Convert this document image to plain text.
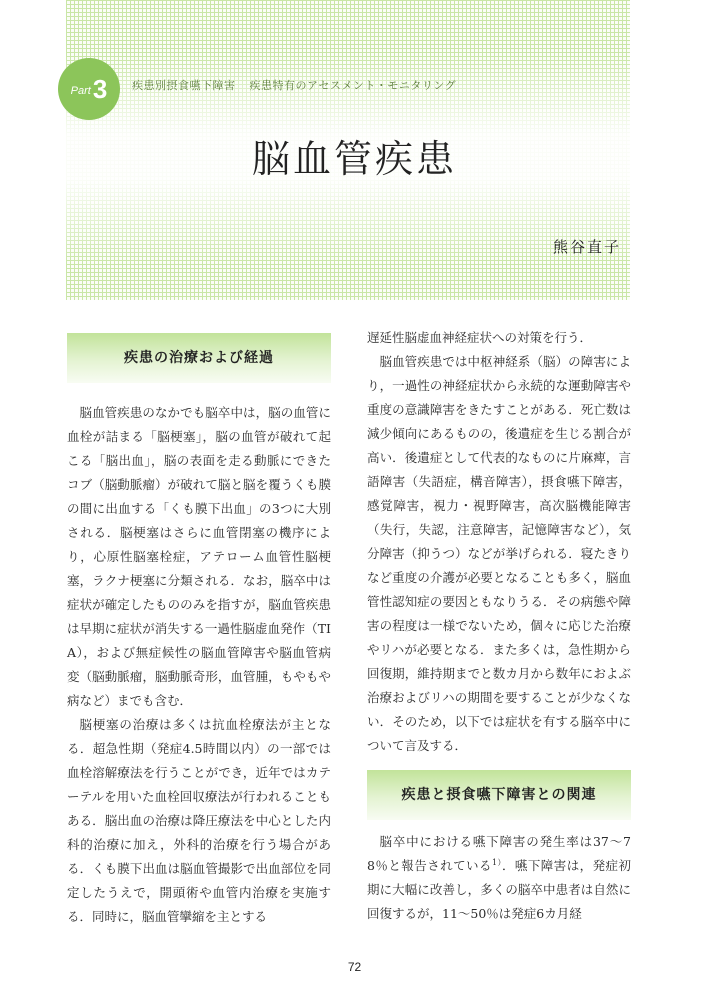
Part 3 疾患別摂食嚥下障害 疾患特有のアセスメント・モニタリング
脳血管疾患
熊谷直子
疾患の治療および経過

脳血管疾患のなかでも脳卒中は，脳の血管に血栓が詰まる「脳梗塞」，脳の血管が破れて起こる「脳出血」，脳の表面を走る動脈にできたコブ（脳動脈瘤）が破れて脳と脳を覆うくも膜の間に出血する「くも膜下出血」の3つに大別される．脳梗塞はさらに血管閉塞の機序により，心原性脳塞栓症，アテローム血管性脳梗塞，ラクナ梗塞に分類される．なお，脳卒中は症状が確定したもののみを指すが，脳血管疾患は早期に症状が消失する一過性脳虚血発作（TIA），および無症候性の脳血管障害や脳血管病変（脳動脈瘤，脳動脈奇形，血管腫，もやもや病など）までも含む．

脳梗塞の治療は多くは抗血栓療法が主となる．超急性期（発症4.5時間以内）の一部では血栓溶解療法を行うことができ，近年ではカテーテルを用いた血栓回収療法が行われることもある．脳出血の治療は降圧療法を中心とした内科的治療に加え，外科的治療を行う場合がある．くも膜下出血は脳血管撮影で出血部位を同定したうえで，開頭術や血管内治療を実施する．同時に，脳血管攣縮を主とする

遅延性脳虚血神経症状への対策を行う．

脳血管疾患では中枢神経系（脳）の障害により，一過性の神経症状から永続的な運動障害や重度の意識障害をきたすことがある．死亡数は減少傾向にあるものの，後遺症を生じる割合が高い．後遺症として代表的なものに片麻痺，言語障害（失語症，構音障害），摂食嚥下障害，感覚障害，視力・視野障害，高次脳機能障害（失行，失認，注意障害，記憶障害など），気分障害（抑うつ）などが挙げられる．寝たきりなど重度の介護が必要となることも多く，脳血管性認知症の要因ともなりうる．その病態や障害の程度は一様でないため，個々に応じた治療やリハが必要となる．また多くは，急性期から回復期，維持期までと数カ月から数年におよぶ治療およびリハの期間を要することが少なくない．そのため，以下では症状を有する脳卒中について言及する．

疾患と摂食嚥下障害との関連

脳卒中における嚥下障害の発生率は37〜78％と報告されている$^{1)}$．嚥下障害は，発症初期に大幅に改善し，多くの脳卒中患者は自然に回復するが，11〜50％は発症6カ月経

72
